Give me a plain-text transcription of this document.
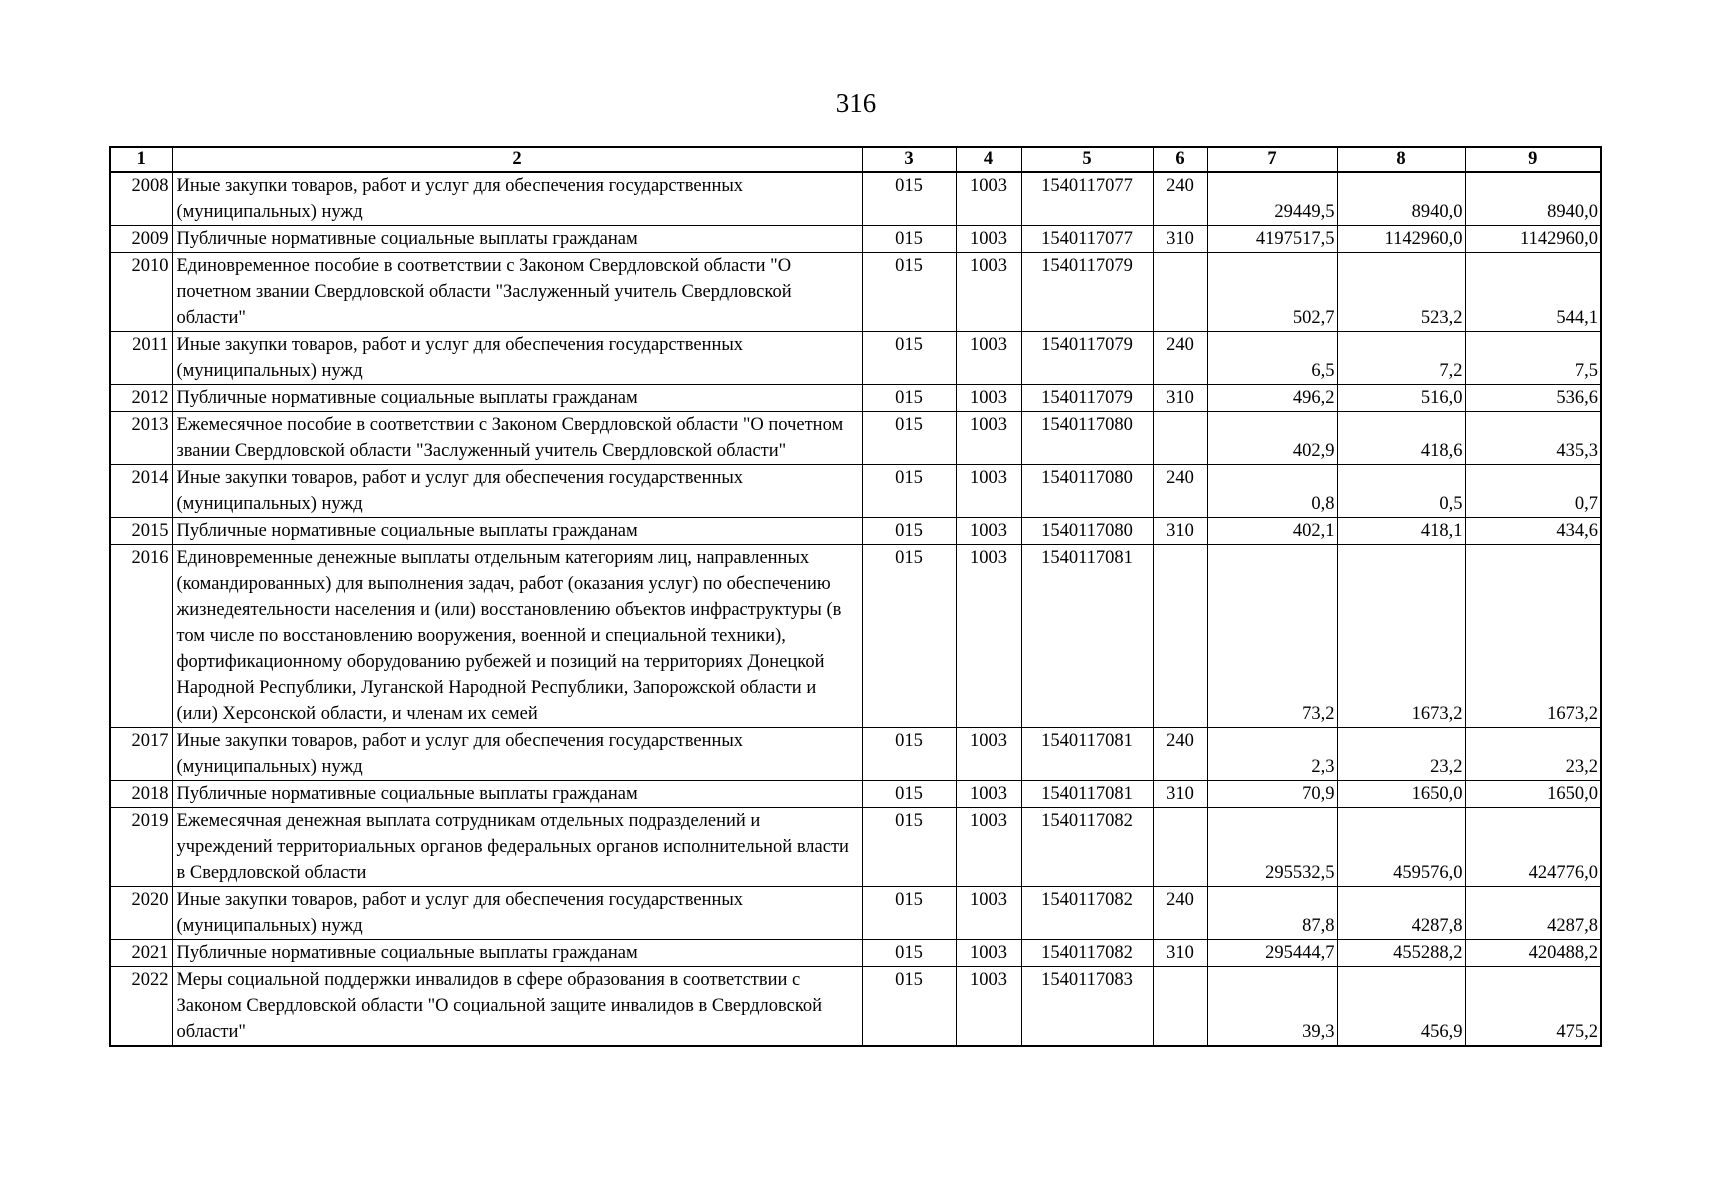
316
1	2	3	4	5	6	7	8	9
2008	Иные закупки товаров, работ и услуг для обеспечения государственных (муниципальных) нужд	015	1003	1540117077	240	29449,5	8940,0	8940,0
2009	Публичные нормативные социальные выплаты гражданам	015	1003	1540117077	310	4197517,5	1142960,0	1142960,0
2010	Единовременное пособие в соответствии с Законом Свердловской области "О почетном звании Свердловской области "Заслуженный учитель Свердловской области"	015	1003	1540117079		502,7	523,2	544,1
2011	Иные закупки товаров, работ и услуг для обеспечения государственных (муниципальных) нужд	015	1003	1540117079	240	6,5	7,2	7,5
2012	Публичные нормативные социальные выплаты гражданам	015	1003	1540117079	310	496,2	516,0	536,6
2013	Ежемесячное пособие в соответствии с Законом Свердловской области "О почетном звании Свердловской области "Заслуженный учитель Свердловской области"	015	1003	1540117080		402,9	418,6	435,3
2014	Иные закупки товаров, работ и услуг для обеспечения государственных (муниципальных) нужд	015	1003	1540117080	240	0,8	0,5	0,7
2015	Публичные нормативные социальные выплаты гражданам	015	1003	1540117080	310	402,1	418,1	434,6
2016	Единовременные денежные выплаты отдельным категориям лиц, направленных (командированных) для выполнения задач, работ (оказания услуг) по обеспечению жизнедеятельности населения и (или) восстановлению объектов инфраструктуры (в том числе по восстановлению вооружения, военной и специальной техники), фортификационному оборудованию рубежей и позиций на территориях Донецкой Народной Республики, Луганской Народной Республики, Запорожской области и (или) Херсонской области, и членам их семей	015	1003	1540117081		73,2	1673,2	1673,2
2017	Иные закупки товаров, работ и услуг для обеспечения государственных (муниципальных) нужд	015	1003	1540117081	240	2,3	23,2	23,2
2018	Публичные нормативные социальные выплаты гражданам	015	1003	1540117081	310	70,9	1650,0	1650,0
2019	Ежемесячная денежная выплата сотрудникам отдельных подразделений и учреждений территориальных органов федеральных органов исполнительной власти в Свердловской области	015	1003	1540117082		295532,5	459576,0	424776,0
2020	Иные закупки товаров, работ и услуг для обеспечения государственных (муниципальных) нужд	015	1003	1540117082	240	87,8	4287,8	4287,8
2021	Публичные нормативные социальные выплаты гражданам	015	1003	1540117082	310	295444,7	455288,2	420488,2
2022	Меры социальной поддержки инвалидов в сфере образования в соответствии с Законом Свердловской области "О социальной защите инвалидов в Свердловской области"	015	1003	1540117083		39,3	456,9	475,2
